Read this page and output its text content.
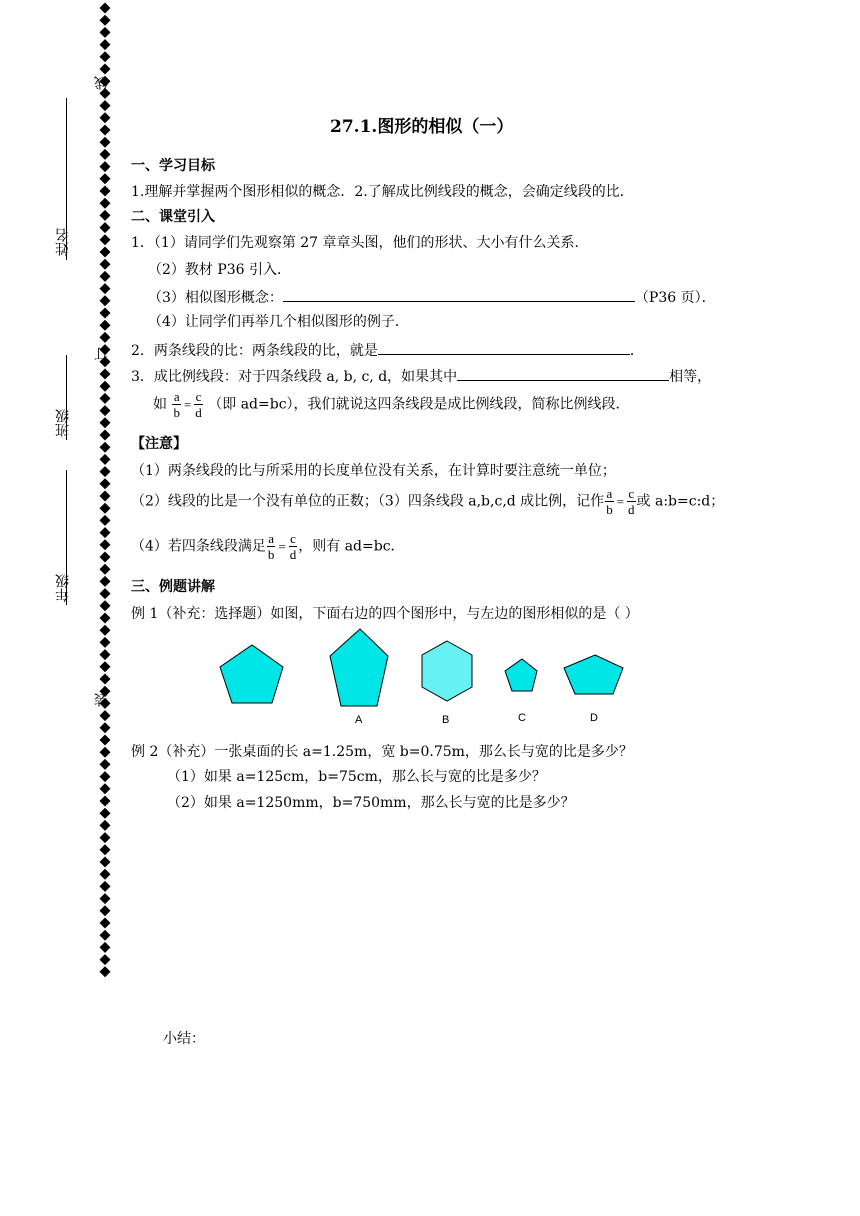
线
订
装
姓名
班级
年级
27.1.图形的相似（一）
一、学习目标
1.理解并掌握两个图形相似的概念．2.了解成比例线段的概念，会确定线段的比．
二、课堂引入
1．（1）请同学们先观察第 27 章章头图，他们的形状、大小有什么关系．
（2）教材 P36 引入．
（3）相似图形概念：	（P36 页）．
（4）让同学们再举几个相似图形的例子．
2．两条线段的比：两条线段的比，就是	．
3．成比例线段：对于四条线段 a, b, c, d，如果其中	相等，
如 $\frac{a}{b} = \frac{c}{d}$ （即 ad=bc），我们就说这四条线段是成比例线段，简称比例线段．
【注意】
（1）两条线段的比与所采用的长度单位没有关系，在计算时要注意统一单位；
（2）线段的比是一个没有单位的正数；（3）四条线段 a,b,c,d 成比例，记作 $\frac{a}{b} = \frac{c}{d}$ 或 a:b=c:d；
（4）若四条线段满足 $\frac{a}{b} = \frac{c}{d}$ ，则有 ad=bc．
三、例题讲解
例 1（补充：选择题）如图，下面右边的四个图形中，与左边的图形相似的是（ ）
A	B	C	D
例 2（补充）一张桌面的长 a=1.25m，宽 b=0.75m，那么长与宽的比是多少？
（1）如果 a=125cm，b=75cm，那么长与宽的比是多少？
（2）如果 a=1250mm，b=750mm，那么长与宽的比是多少？
小结：
